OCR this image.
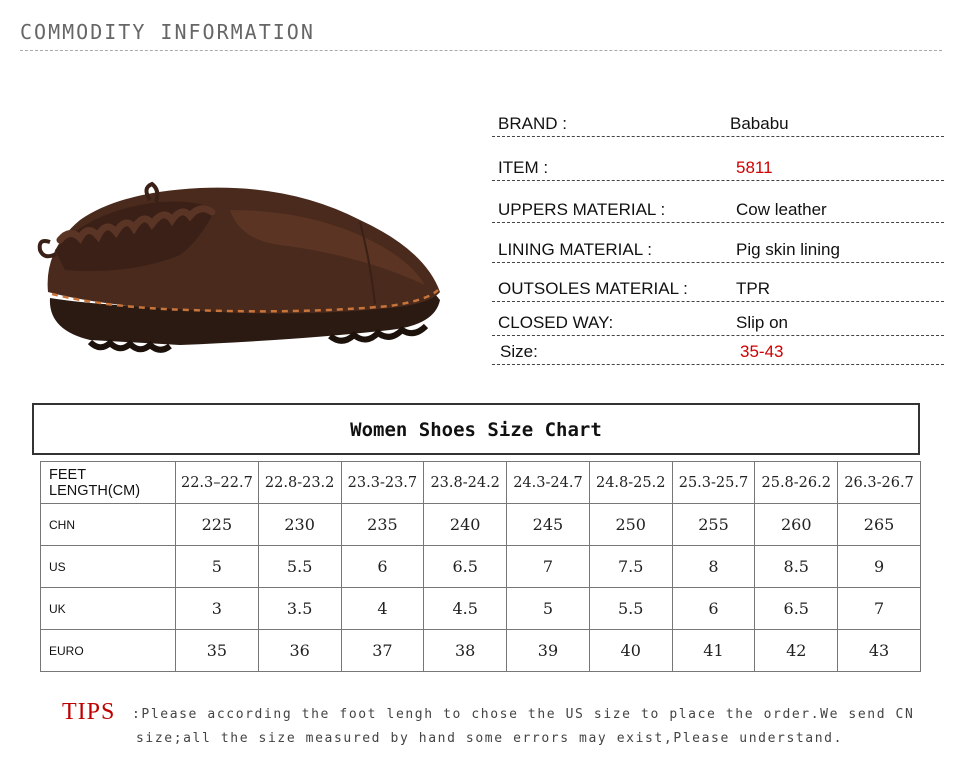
COMMODITY INFORMATION
BRAND :	Bababu
ITEM :	5811
UPPERS MATERIAL :	Cow leather
LINING MATERIAL :	Pig skin lining
OUTSOLES MATERIAL :	TPR
CLOSED WAY:	Slip on
Size:	35-43
Women Shoes Size Chart
FEET LENGTH(CM)	22.3–22.7	22.8-23.2	23.3-23.7	23.8-24.2	24.3-24.7	24.8-25.2	25.3-25.7	25.8-26.2	26.3-26.7
CHN	225	230	235	240	245	250	255	260	265
US	5	5.5	6	6.5	7	7.5	8	8.5	9
UK	3	3.5	4	4.5	5	5.5	6	6.5	7
EURO	35	36	37	38	39	40	41	42	43
TIPS :Please according the foot lengh to chose the US size to place the order.We send CN
size;all the size measured by hand some errors may exist,Please understand.
